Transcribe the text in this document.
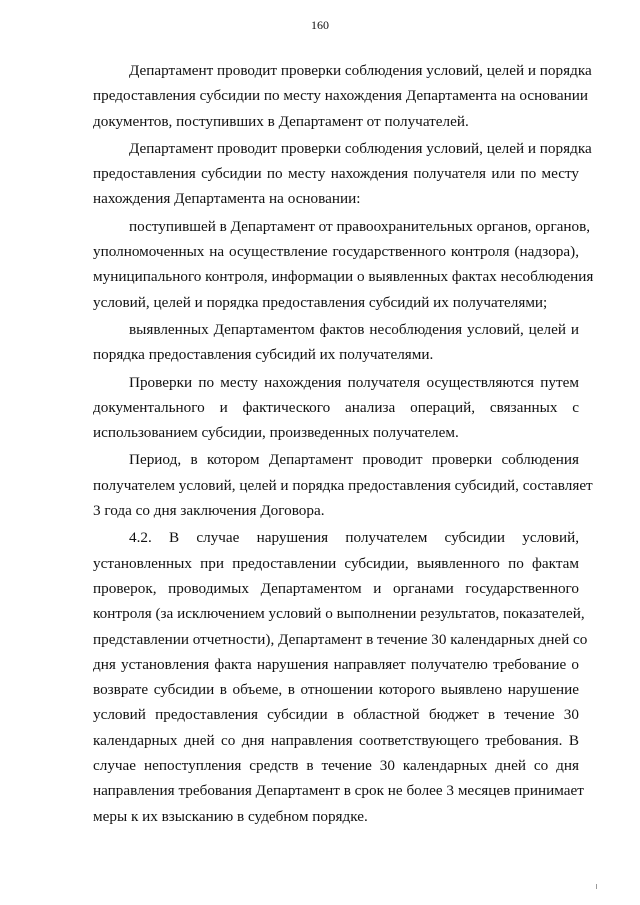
160
Департамент проводит проверки соблюдения условий, целей и порядка
предоставления субсидии по месту нахождения Департамента на основании
документов, поступивших в Департамент от получателей.
Департамент проводит проверки соблюдения условий, целей и порядка
предоставления субсидии по месту нахождения получателя или по месту
нахождения Департамента на основании:
поступившей в Департамент от правоохранительных органов, органов,
уполномоченных на осуществление государственного контроля (надзора),
муниципального контроля, информации о выявленных фактах несоблюдения
условий, целей и порядка предоставления субсидий их получателями;
выявленных Департаментом фактов несоблюдения условий, целей и
порядка предоставления субсидий их получателями.
Проверки по месту нахождения получателя осуществляются путем
документального и фактического анализа операций, связанных с
использованием субсидии, произведенных получателем.
Период, в котором Департамент проводит проверки соблюдения
получателем условий, целей и порядка предоставления субсидий, составляет
3 года со дня заключения Договора.
4.2. В случае нарушения получателем субсидии условий,
установленных при предоставлении субсидии, выявленного по фактам
проверок, проводимых Департаментом и органами государственного
контроля (за исключением условий о выполнении результатов, показателей,
представлении отчетности), Департамент в течение 30 календарных дней со
дня установления факта нарушения направляет получателю требование о
возврате субсидии в объеме, в отношении которого выявлено нарушение
условий предоставления субсидии в областной бюджет в течение 30
календарных дней со дня направления соответствующего требования. В
случае непоступления средств в течение 30 календарных дней со дня
направления требования Департамент в срок не более 3 месяцев принимает
меры к их взысканию в судебном порядке.
